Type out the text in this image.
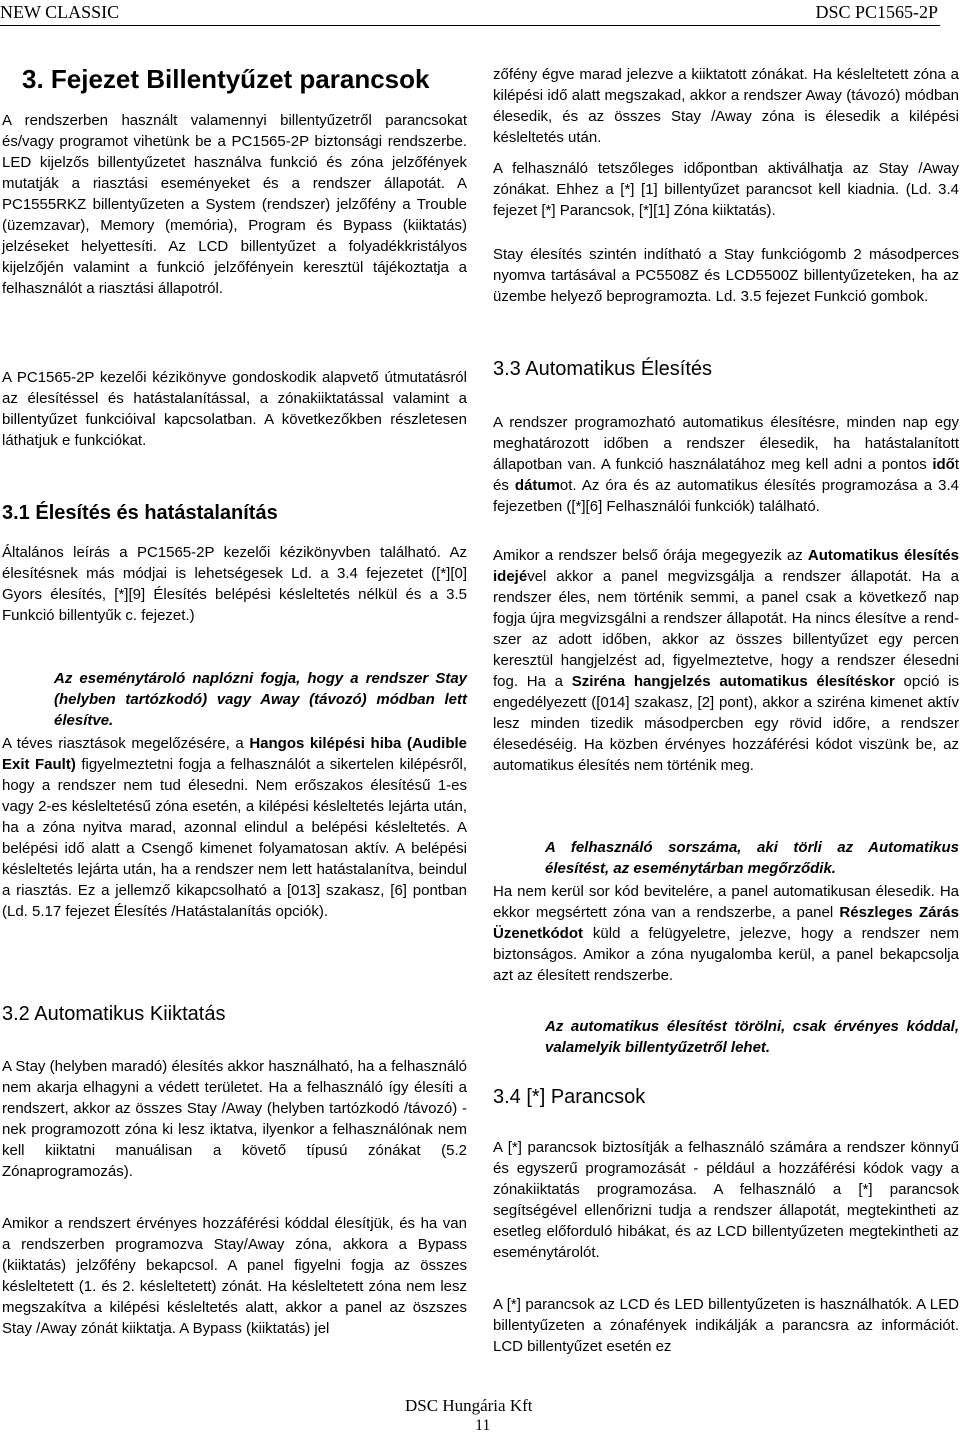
NEW CLASSIC	DSC PC1565-2P
3. Fejezet Billentyűzet parancsok

A rendszerben használt valamennyi billentyűzetről parancsokat és/vagy programot vihetünk be a PC1565-2P biztonsági rendszerbe. LED kijelzős billentyűzetet használva funkció és zóna jelzőfények mutatják a riasztási eseményeket és a rendszer állapotát. A PC1555RKZ billentyűzeten a System (rendszer) jelzőfény a Trouble (üzemzavar), Memory (memória), Program és Bypass (kiiktatás) jelzéseket helyettesíti. Az LCD billentyűzet a folyadékkristályos kijelzőjén valamint a funkció jelzőfényein keresztül tájékoztatja a felhasználót a riasztási állapotról.

A PC1565-2P kezelői kézikönyve gondoskodik alapvető útmutatásról az élesítéssel és hatástalanítással, a zónakiiktatással valamint a billentyűzet funkcióival kapcsolatban. A következőkben részletesen láthatjuk e funkciókat.

3.1 Élesítés és hatástalanítás

Általános leírás a PC1565-2P kezelői kézikönyvben található. Az élesítésnek más módjai is lehetségesek Ld. a 3.4 fejezetet ([*][0] Gyors élesítés, [*][9] Élesítés belépési késleltetés nélkül és a 3.5 Funkció billentyűk c. fejezet.)

Az eseménytároló naplózni fogja, hogy a rendszer Stay (helyben tartózkodó) vagy Away (távozó) módban lett élesítve.

A téves riasztások megelőzésére, a Hangos kilépési hiba (Audible Exit Fault) figyelmeztetni fogja a felhasználót a sikertelen kilépésről, hogy a rendszer nem tud élesedni. Nem erőszakos élesítésű 1-es vagy 2-es késleltetésű zóna esetén, a kilépési késleltetés lejárta után, ha a zóna nyitva marad, azonnal elindul a belépési késleltetés. A belépési idő alatt a Csengő kimenet folyamatosan aktív. A belépési késleltetés lejárta után, ha a rendszer nem lett hatástalanítva, beindul a riasztás. Ez a jellemző kikapcsolható a [013] szakasz, [6] pontban (Ld. 5.17 fejezet Élesítés /Hatástalanítás opciók).

3.2 Automatikus Kiiktatás

A Stay (helyben maradó) élesítés akkor használható, ha a felhasználó nem akarja elhagyni a védett területet. Ha a felhasználó így élesíti a rendszert, akkor az összes Stay /Away (helyben tartózkodó /távozó) -nek programozott zóna ki lesz iktatva, ilyenkor a felhasználónak nem kell kiiktatni manuálisan a követő típusú zónákat (5.2 Zónaprogramozás).

Amikor a rendszert érvényes hozzáférési kóddal élesítjük, és ha van a rendszerben programozva Stay/Away zóna, akkora a Bypass (kiiktatás) jelzőfény bekapcsol. A panel figyelni fogja az összes késleltetett (1. és 2. késleltetett) zónát. Ha késleltetett zóna nem lesz megszakítva a kilépési késleltetés alatt, akkor a panel az öszszes Stay /Away zónát kiiktatja. A Bypass (kiiktatás) jel

zőfény égve marad jelezve a kiiktatott zónákat. Ha késleltetett zóna a kilépési idő alatt megszakad, akkor a rendszer Away (távozó) módban élesedik, és az összes Stay /Away zóna is élesedik a kilépési késleltetés után.

A felhasználó tetszőleges időpontban aktiválhatja az Stay /Away zónákat. Ehhez a [*] [1] billentyűzet parancsot kell kiadnia. (Ld. 3.4 fejezet [*] Parancsok, [*][1] Zóna kiiktatás).

Stay élesítés szintén indítható a Stay funkciógomb 2 másodperces nyomva tartásával a PC5508Z és LCD5500Z billentyűzeteken, ha az üzembe helyező beprogramozta. Ld. 3.5 fejezet Funkció gombok.

3.3 Automatikus Élesítés

A rendszer programozható automatikus élesítésre, minden nap egy meghatározott időben a rendszer élesedik, ha hatástalanított állapotban van. A funkció használatához meg kell adni a pontos időt és dátumot. Az óra és az automatikus élesítés programozása a 3.4 fejezetben ([*][6] Felhasználói funkciók) található.

Amikor a rendszer belső órája megegyezik az Automatikus élesítés idejével akkor a panel megvizsgálja a rendszer állapotát. Ha a rendszer éles, nem történik semmi, a panel csak a következő nap fogja újra megvizsgálni a rendszer állapotát. Ha nincs élesítve a rendszer az adott időben, akkor az összes billentyűzet egy percen keresztül hangjelzést ad, figyelmeztetve, hogy a rendszer élesedni fog. Ha a Sziréna hangjelzés automatikus élesítéskor opció is engedélyezett ([014] szakasz, [2] pont), akkor a sziréna kimenet aktív lesz minden tizedik másodpercben egy rövid időre, a rendszer élesedéséig. Ha közben érvényes hozzáférési kódot viszünk be, az automatikus élesítés nem történik meg.

A felhasználó sorszáma, aki törli az Automatikus élesítést, az eseménytárban megőrződik.

Ha nem kerül sor kód bevitelére, a panel automatikusan élesedik. Ha ekkor megsértett zóna van a rendszerbe, a panel Részleges Zárás Üzenetkódot küld a felügyeletre, jelezve, hogy a rendszer nem biztonságos. Amikor a zóna nyugalomba kerül, a panel bekapcsolja azt az élesített rendszerbe.

Az automatikus élesítést törölni, csak érvényes kóddal, valamelyik billentyűzetről lehet.

3.4 [*] Parancsok

A [*] parancsok biztosítják a felhasználó számára a rendszer könnyű és egyszerű programozását - például a hozzáférési kódok vagy a zónakiiktatás programozása. A felhasználó a [*] parancsok segítségével ellenőrizni tudja a rendszer állapotát, megtekintheti az esetleg előforduló hibákat, és az LCD billentyűzeten megtekintheti az eseménytárolót.

A [*] parancsok az LCD és LED billentyűzeten is használhatók. A LED billentyűzeten a zónafények indikálják a parancsra az információt. LCD billentyűzet esetén ez

DSC Hungária Kft
11
